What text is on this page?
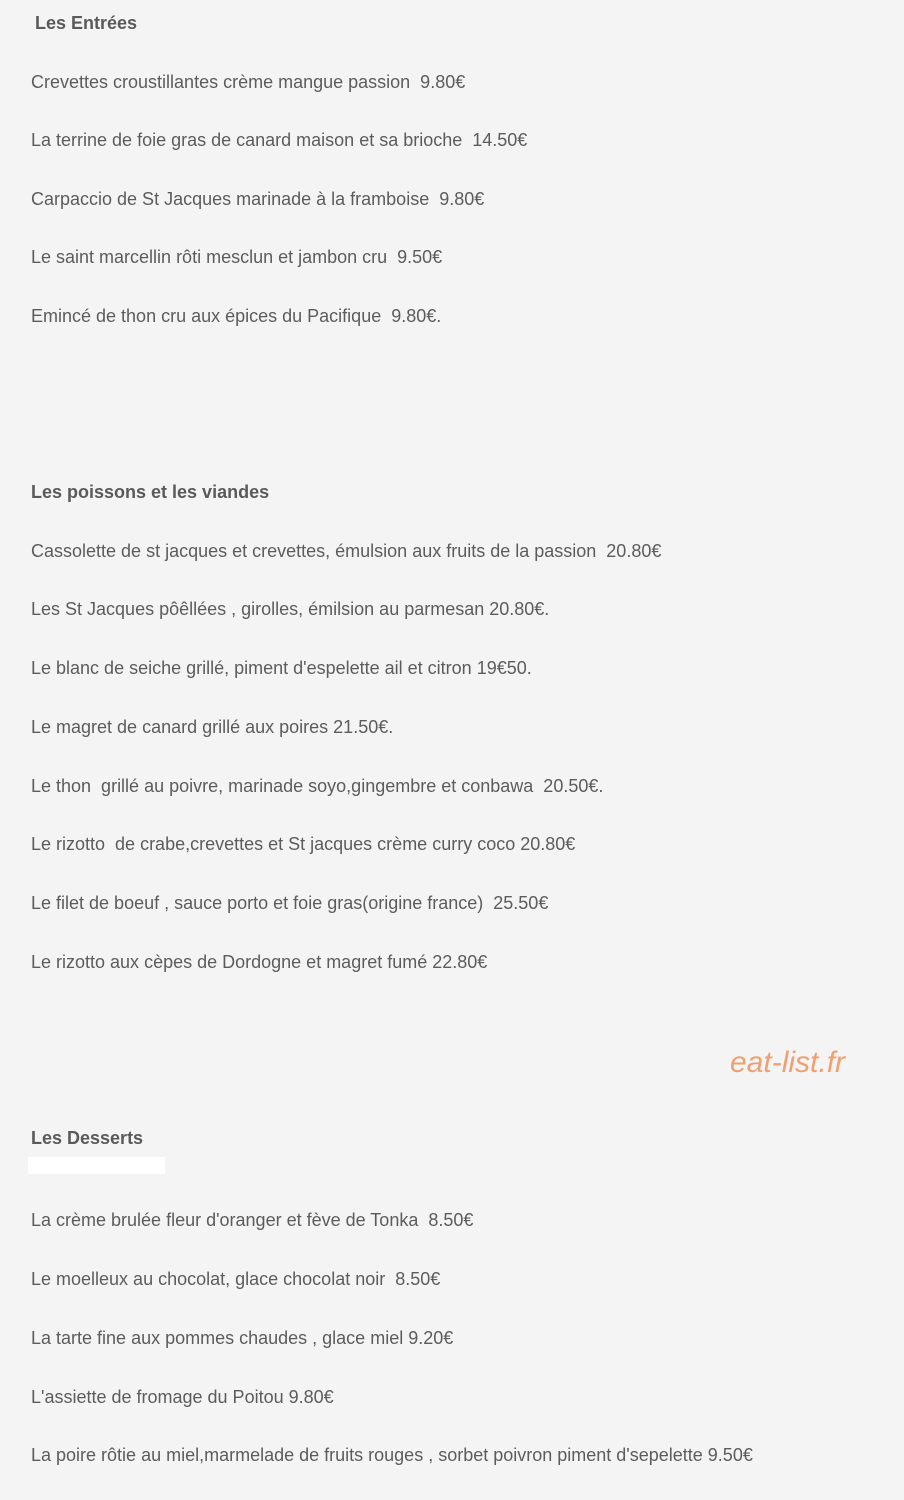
Les Entrées

Crevettes croustillantes crème mangue passion  9.80€

La terrine de foie gras de canard maison et sa brioche  14.50€

Carpaccio de St Jacques marinade à la framboise  9.80€

Le saint marcellin rôti mesclun et jambon cru  9.50€

Emincé de thon cru aux épices du Pacifique  9.80€.

Les poissons et les viandes

Cassolette de st jacques et crevettes, émulsion aux fruits de la passion  20.80€

Les St Jacques pôêllées , girolles, émilsion au parmesan 20.80€.

Le blanc de seiche grillé, piment d'espelette ail et citron 19€50.

Le magret de canard grillé aux poires 21.50€.

Le thon  grillé au poivre, marinade soyo,gingembre et conbawa  20.50€.

Le rizotto  de crabe,crevettes et St jacques crème curry coco 20.80€

Le filet de boeuf , sauce porto et foie gras(origine france)  25.50€

Le rizotto aux cèpes de Dordogne et magret fumé 22.80€

eat-list.fr
Les Desserts

La crème brulée fleur d'oranger et fève de Tonka  8.50€

Le moelleux au chocolat, glace chocolat noir  8.50€

La tarte fine aux pommes chaudes , glace miel 9.20€

L'assiette de fromage du Poitou 9.80€

La poire rôtie au miel,marmelade de fruits rouges , sorbet poivron piment d'sepelette 9.50€
